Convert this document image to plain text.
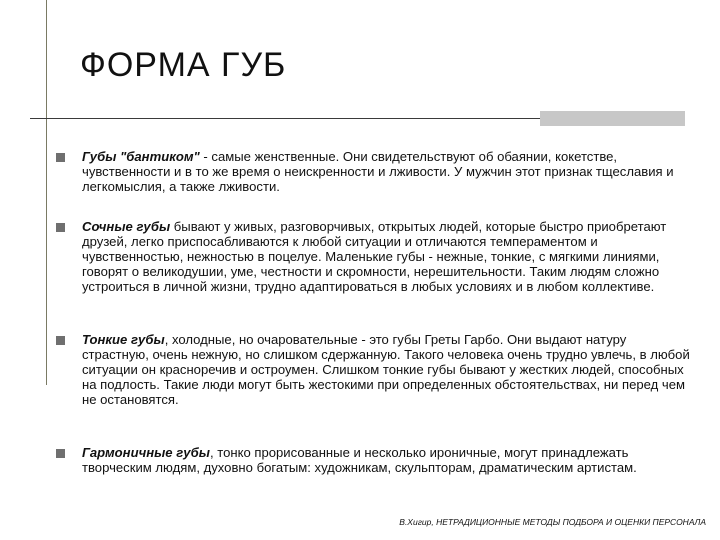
ФОРМА ГУБ
Губы "бантиком" - самые женственные. Они свидетельствуют об обаянии, кокетстве, чувственности и в то же время о неискренности и лживости. У мужчин этот признак тщеславия и легкомыслия, а также лживости.
Сочные губы бывают у живых, разговорчивых, открытых людей, которые быстро приобретают друзей, легко приспосабливаются к любой ситуации и отличаются темпераментом и чувственностью, нежностью в поцелуе. Маленькие губы - нежные, тонкие, с мягкими линиями, говорят о великодушии, уме, честности и скромности, нерешительности. Таким людям сложно устроиться в личной жизни, трудно адаптироваться в любых условиях и в любом коллективе.
Тонкие губы, холодные, но очаровательные - это губы Греты Гарбо. Они выдают натуру страстную, очень нежную, но слишком сдержанную. Такого человека очень трудно увлечь, в любой ситуации он красноречив и остроумен. Слишком тонкие губы бывают у жестких людей, способных на подлость. Такие люди могут быть жестокими при определенных обстоятельствах, ни перед чем не остановятся.
Гармоничные губы, тонко прорисованные и несколько ироничные, могут принадлежать творческим людям, духовно богатым: художникам, скульпторам, драматическим артистам.
В.Хигир, НЕТРАДИЦИОННЫЕ МЕТОДЫ ПОДБОРА И ОЦЕНКИ ПЕРСОНАЛА
